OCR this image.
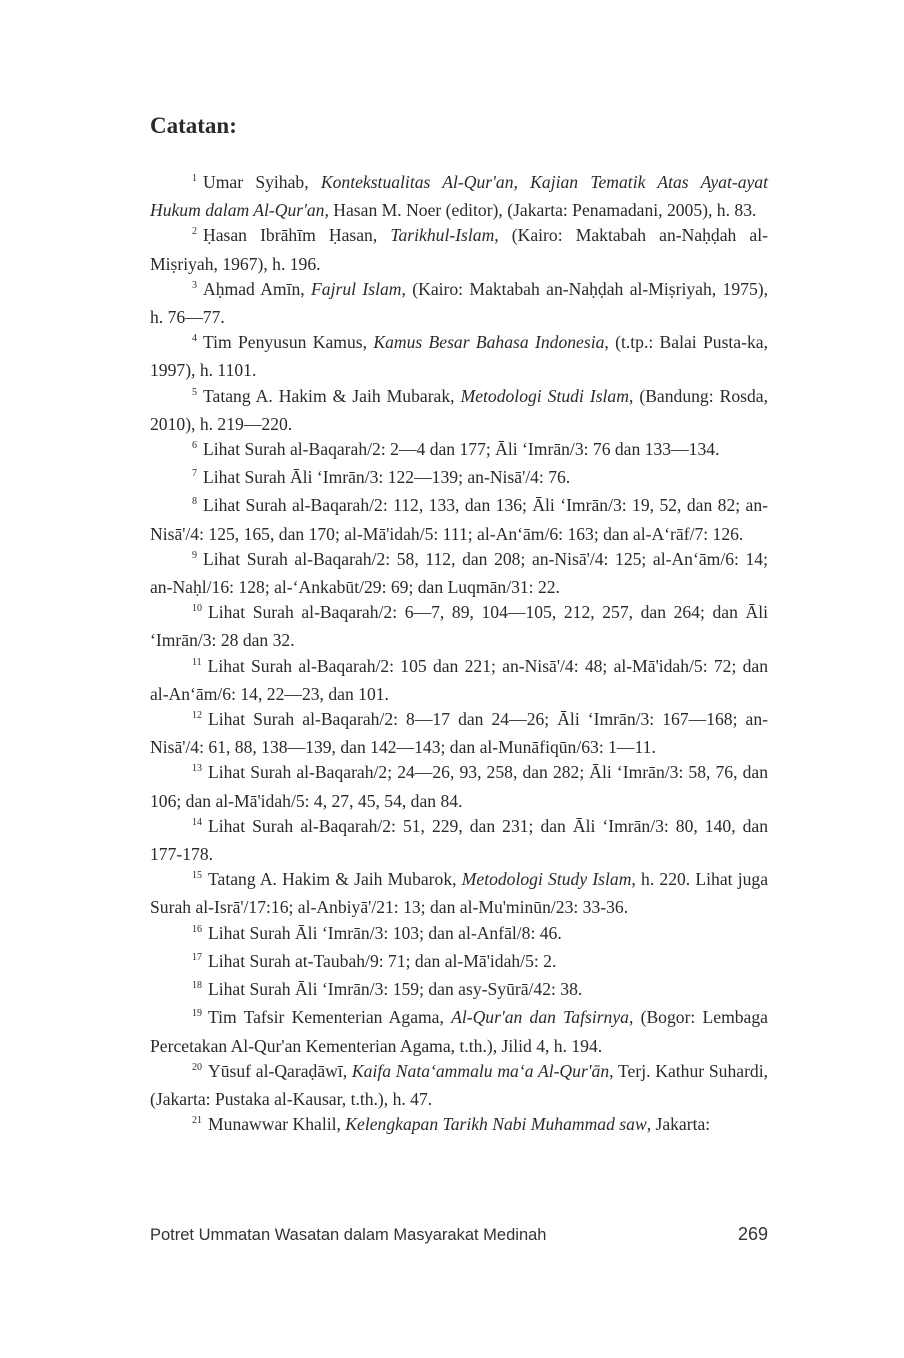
Catatan:

$^1$ Umar Syihab, Kontekstualitas Al-Qur'an, Kajian Tematik Atas Ayat-ayat Hukum dalam Al-Qur'an, Hasan M. Noer (editor), (Jakarta: Penamadani, 2005), h. 83.

$^2$ Ḥasan Ibrāhīm Ḥasan, Tarikhul-Islam, (Kairo: Maktabah an-Naḥḍah al-Miṣriyah, 1967), h. 196.

$^3$ Aḥmad Amīn, Fajrul Islam, (Kairo: Maktabah an-Naḥḍah al-Miṣriyah, 1975), h. 76—77.

$^4$ Tim Penyusun Kamus, Kamus Besar Bahasa Indonesia, (t.tp.: Balai Pusta-ka, 1997), h. 1101.

$^5$ Tatang A. Hakim & Jaih Mubarak, Metodologi Studi Islam, (Bandung: Rosda, 2010), h. 219—220.

$^6$ Lihat Surah al-Baqarah/2: 2—4 dan 177; Āli ‘Imrān/3: 76 dan 133—134.

$^7$ Lihat Surah Āli ‘Imrān/3: 122—139; an-Nisā'/4: 76.

$^8$ Lihat Surah al-Baqarah/2: 112, 133, dan 136; Āli ‘Imrān/3: 19, 52, dan 82; an-Nisā'/4: 125, 165, dan 170; al-Mā'idah/5: 111; al-An‘ām/6: 163; dan al-A‘rāf/7: 126.

$^9$ Lihat Surah al-Baqarah/2: 58, 112, dan 208; an-Nisā'/4: 125; al-An‘ām/6: 14; an-Naḥl/16: 128; al-‘Ankabūt/29: 69; dan Luqmān/31: 22.

$^{10}$ Lihat Surah al-Baqarah/2: 6—7, 89, 104—105, 212, 257, dan 264; dan Āli ‘Imrān/3: 28 dan 32.

$^{11}$ Lihat Surah al-Baqarah/2: 105 dan 221; an-Nisā'/4: 48; al-Mā'idah/5: 72; dan al-An‘ām/6: 14, 22—23, dan 101.

$^{12}$ Lihat Surah al-Baqarah/2: 8—17 dan 24—26; Āli ‘Imrān/3: 167—168; an-Nisā'/4: 61, 88, 138—139, dan 142—143; dan al-Munāfiqūn/63: 1—11.

$^{13}$ Lihat Surah al-Baqarah/2; 24—26, 93, 258, dan 282; Āli ‘Imrān/3: 58, 76, dan 106; dan al-Mā'idah/5: 4, 27, 45, 54, dan 84.

$^{14}$ Lihat Surah al-Baqarah/2: 51, 229, dan 231; dan Āli ‘Imrān/3: 80, 140, dan 177-178.

$^{15}$ Tatang A. Hakim & Jaih Mubarok, Metodologi Study Islam, h. 220. Lihat juga Surah al-Isrā'/17:16; al-Anbiyā'/21: 13; dan al-Mu'minūn/23: 33-36.

$^{16}$ Lihat Surah Āli ‘Imrān/3: 103; dan al-Anfāl/8: 46.

$^{17}$ Lihat Surah at-Taubah/9: 71; dan al-Mā'idah/5: 2.

$^{18}$ Lihat Surah Āli ‘Imrān/3: 159; dan asy-Syūrā/42: 38.

$^{19}$ Tim Tafsir Kementerian Agama, Al-Qur'an dan Tafsirnya, (Bogor: Lembaga Percetakan Al-Qur'an Kementerian Agama, t.th.), Jilid 4, h. 194.

$^{20}$ Yūsuf al-Qaraḍāwī, Kaifa Nata‘ammalu ma‘a Al-Qur'ān, Terj. Kathur Suhardi, (Jakarta: Pustaka al-Kausar, t.th.), h. 47.

$^{21}$ Munawwar Khalil, Kelengkapan Tarikh Nabi Muhammad saw, Jakarta:

Potret Ummatan Wasatan dalam Masyarakat Medinah	269
